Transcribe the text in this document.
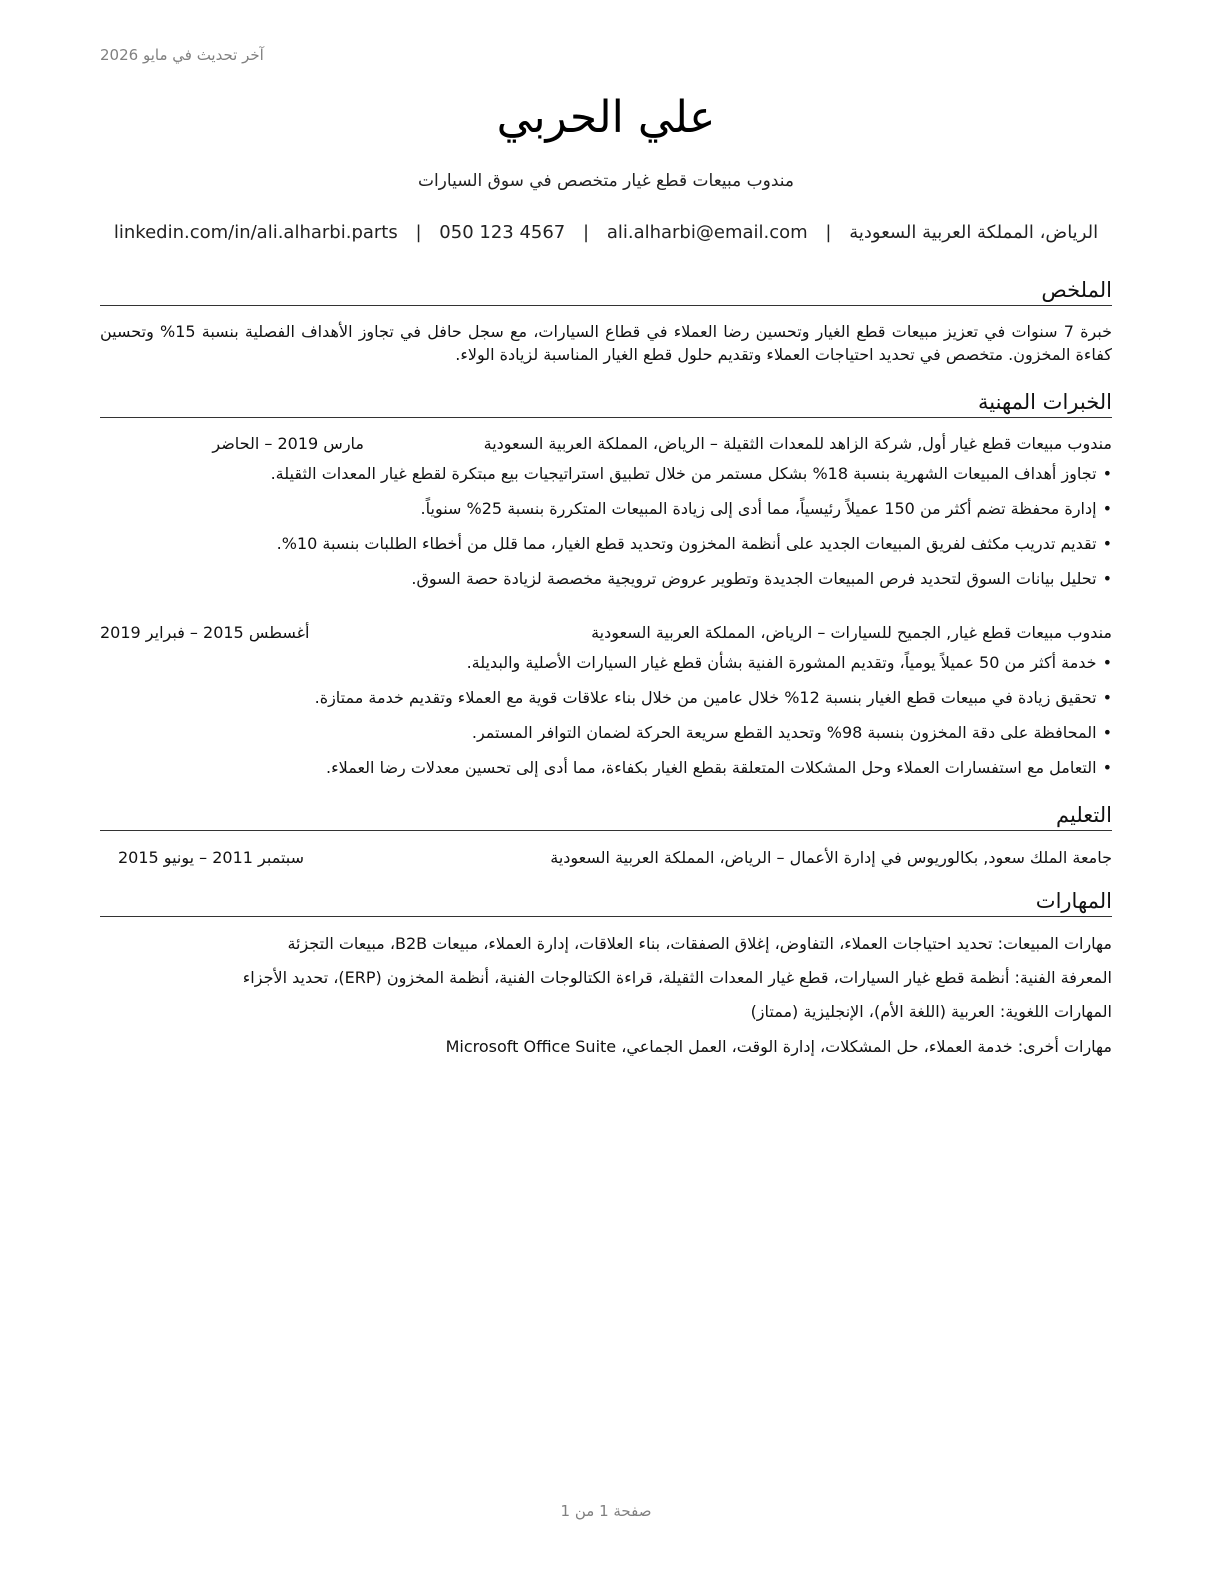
آخر تحديث في مايو 2026
علي الحربي
مندوب مبيعات قطع غيار متخصص في سوق السيارات
الرياض، المملكة العربية السعودية | ali.alharbi@email.com | 050 123 4567 | linkedin.com/in/ali.alharbi.parts
الملخص
خبرة 7 سنوات في تعزيز مبيعات قطع الغيار وتحسين رضا العملاء في قطاع السيارات، مع سجل حافل في تجاوز الأهداف الفصلية بنسبة 15% وتحسين كفاءة المخزون. متخصص في تحديد احتياجات العملاء وتقديم حلول قطع الغيار المناسبة لزيادة الولاء.
الخبرات المهنية
مندوب مبيعات قطع غيار أول, شركة الزاهد للمعدات الثقيلة – الرياض، المملكة العربية السعودية
مارس 2019 – الحاضر
•تجاوز أهداف المبيعات الشهرية بنسبة 18% بشكل مستمر من خلال تطبيق استراتيجيات بيع مبتكرة لقطع غيار المعدات الثقيلة.
•إدارة محفظة تضم أكثر من 150 عميلاً رئيسياً، مما أدى إلى زيادة المبيعات المتكررة بنسبة 25% سنوياً.
•تقديم تدريب مكثف لفريق المبيعات الجديد على أنظمة المخزون وتحديد قطع الغيار، مما قلل من أخطاء الطلبات بنسبة 10%.
•تحليل بيانات السوق لتحديد فرص المبيعات الجديدة وتطوير عروض ترويجية مخصصة لزيادة حصة السوق.
مندوب مبيعات قطع غيار, الجميح للسيارات – الرياض، المملكة العربية السعودية
أغسطس 2015 – فبراير 2019
•خدمة أكثر من 50 عميلاً يومياً، وتقديم المشورة الفنية بشأن قطع غيار السيارات الأصلية والبديلة.
•تحقيق زيادة في مبيعات قطع الغيار بنسبة 12% خلال عامين من خلال بناء علاقات قوية مع العملاء وتقديم خدمة ممتازة.
•المحافظة على دقة المخزون بنسبة 98% وتحديد القطع سريعة الحركة لضمان التوافر المستمر.
•التعامل مع استفسارات العملاء وحل المشكلات المتعلقة بقطع الغيار بكفاءة، مما أدى إلى تحسين معدلات رضا العملاء.
التعليم
جامعة الملك سعود, بكالوريوس في إدارة الأعمال – الرياض، المملكة العربية السعودية
سبتمبر 2011 – يونيو 2015
المهارات
مهارات المبيعات: تحديد احتياجات العملاء، التفاوض، إغلاق الصفقات، بناء العلاقات، إدارة العملاء، مبيعات B2B، مبيعات التجزئة
المعرفة الفنية: أنظمة قطع غيار السيارات، قطع غيار المعدات الثقيلة، قراءة الكتالوجات الفنية، أنظمة المخزون (ERP)، تحديد الأجزاء
المهارات اللغوية: العربية (اللغة الأم)، الإنجليزية (ممتاز)
مهارات أخرى: خدمة العملاء، حل المشكلات، إدارة الوقت، العمل الجماعي، Microsoft Office Suite
صفحة 1 من 1
